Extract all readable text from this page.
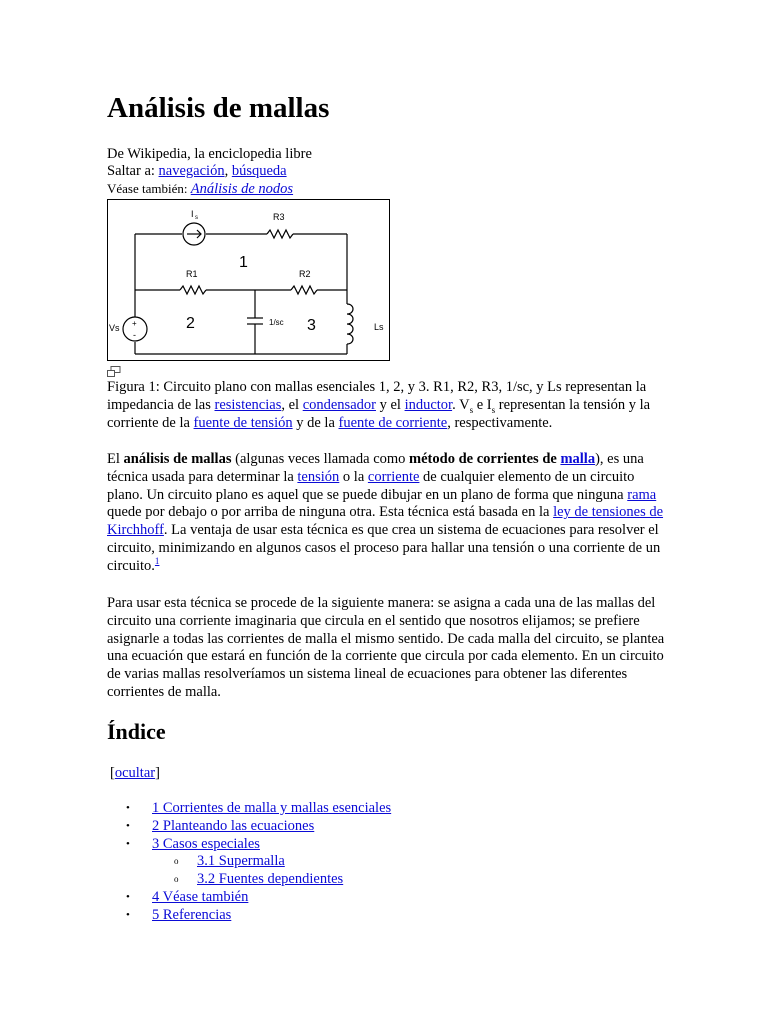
Análisis de mallas
De Wikipedia, la enciclopedia libre
Saltar a: navegación, búsqueda
Véase también: Análisis de nodos
I s	R3
1
R1	R2
2	3
Vs +
-
1/sc	Ls

Figura 1: Circuito plano con mallas esenciales 1, 2, y 3. R1, R2, R3, 1/sc, y Ls representan la impedancia de las resistencias, el condensador y el inductor. $V_s$ e $I_s$ representan la tensión y la corriente de la fuente de tensión y de la fuente de corriente, respectivamente.

El análisis de mallas (algunas veces llamada como método de corrientes de malla), es una técnica usada para determinar la tensión o la corriente de cualquier elemento de un circuito plano. Un circuito plano es aquel que se puede dibujar en un plano de forma que ninguna rama quede por debajo o por arriba de ninguna otra. Esta técnica está basada en la ley de tensiones de Kirchhoff. La ventaja de usar esta técnica es que crea un sistema de ecuaciones para resolver el circuito, minimizando en algunos casos el proceso para hallar una tensión o una corriente de un circuito.$^1$

Para usar esta técnica se procede de la siguiente manera: se asigna a cada una de las mallas del circuito una corriente imaginaria que circula en el sentido que nosotros elijamos; se prefiere asignarle a todas las corrientes de malla el mismo sentido. De cada malla del circuito, se plantea una ecuación que estará en función de la corriente que circula por cada elemento. En un circuito de varias mallas resolveríamos un sistema lineal de ecuaciones para obtener las diferentes corrientes de malla.

Índice
[ocultar]
• 1 Corrientes de malla y mallas esenciales
• 2 Planteando las ecuaciones
• 3 Casos especiales
o 3.1 Supermalla
o 3.2 Fuentes dependientes
• 4 Véase también
• 5 Referencias
